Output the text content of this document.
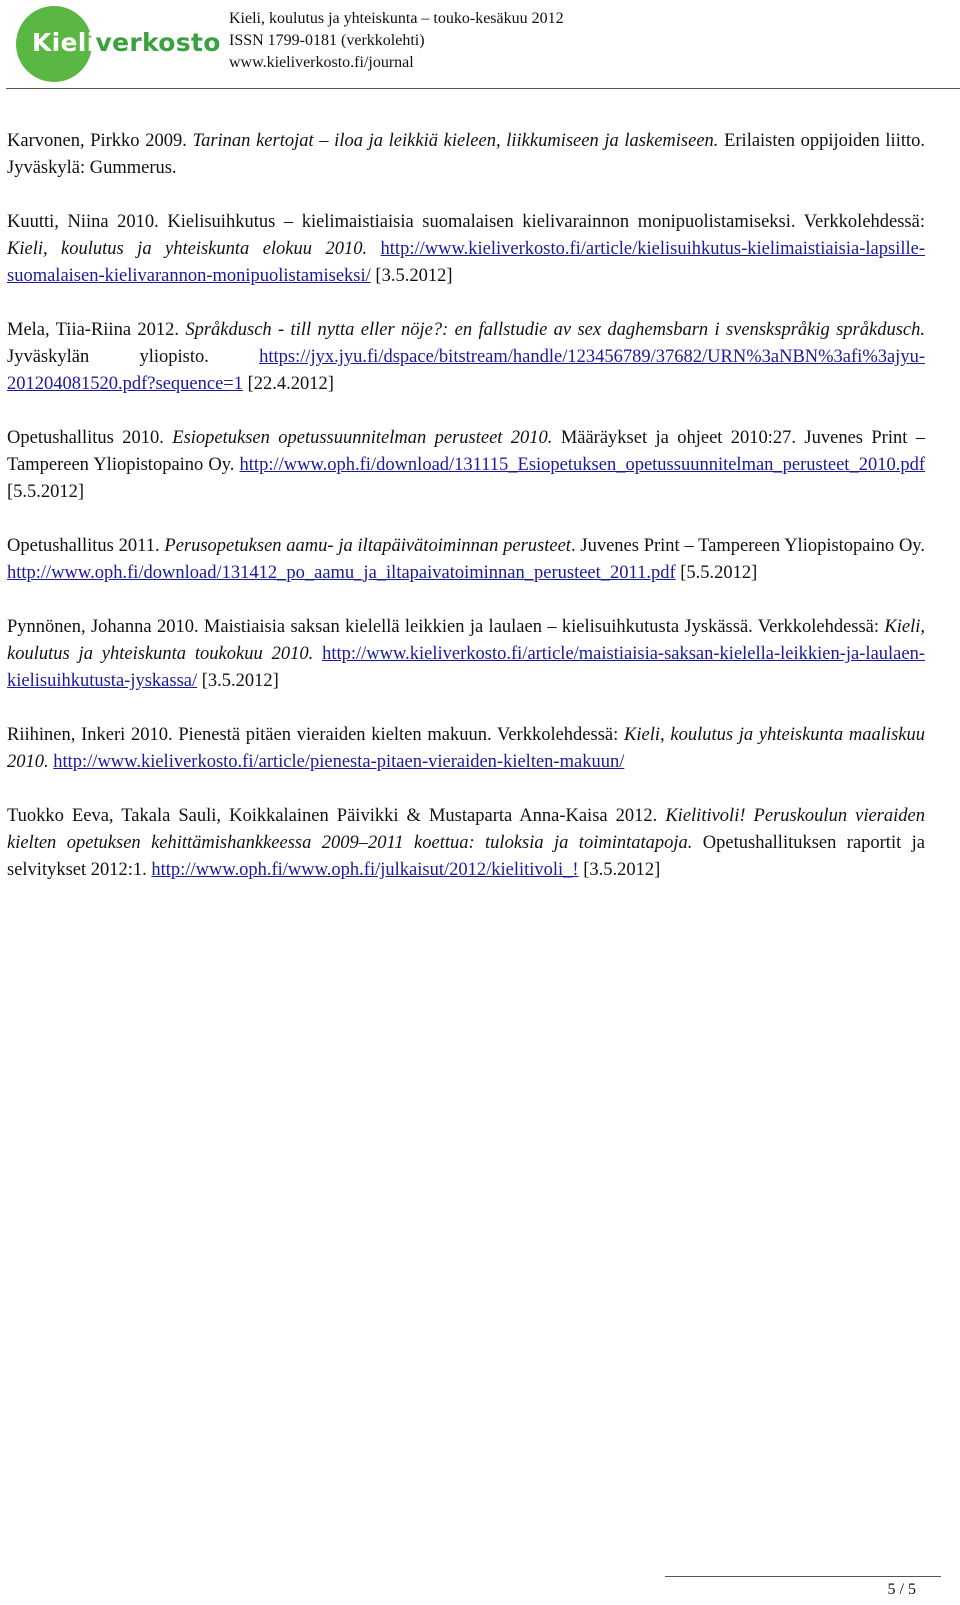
Kieliverkosto
Kieli, koulutus ja yhteiskunta – touko-kesäkuu 2012
ISSN 1799-0181 (verkkolehti)
www.kieliverkosto.fi/journal

Karvonen, Pirkko 2009. Tarinan kertojat – iloa ja leikkiä kieleen, liikkumiseen ja laskemiseen. Erilaisten oppijoiden liitto. Jyväskylä: Gummerus.

Kuutti, Niina 2010. Kielisuihkutus – kielimaistiaisia suomalaisen kielivarainnon monipuolistamiseksi. Verkkolehdessä: Kieli, koulutus ja yhteiskunta elokuu 2010. http://www.kieliverkosto.fi/article/kielisuihkutus-kielimaistiaisia-lapsille-suomalaisen-kielivarannon-monipuolistamiseksi/ [3.5.2012]

Mela, Tiia-Riina 2012. Språkdusch - till nytta eller nöje?: en fallstudie av sex daghemsbarn i svenskspråkig språkdusch. Jyväskylän yliopisto. https://jyx.jyu.fi/dspace/bitstream/handle/123456789/37682/URN%3aNBN%3afi%3ajyu-201204081520.pdf?sequence=1 [22.4.2012]

Opetushallitus 2010. Esiopetuksen opetussuunnitelman perusteet 2010. Määräykset ja ohjeet 2010:27. Juvenes Print – Tampereen Yliopistopaino Oy. http://www.oph.fi/download/131115_Esiopetuksen_opetussuunnitelman_perusteet_2010.pdf [5.5.2012]

Opetushallitus 2011. Perusopetuksen aamu- ja iltapäivätoiminnan perusteet. Juvenes Print – Tampereen Yliopistopaino Oy. http://www.oph.fi/download/131412_po_aamu_ja_iltapaivatoiminnan_perusteet_2011.pdf [5.5.2012]

Pynnönen, Johanna 2010. Maistiaisia saksan kielellä leikkien ja laulaen – kielisuihkutusta Jyskässä. Verkkolehdessä: Kieli, koulutus ja yhteiskunta toukokuu 2010. http://www.kieliverkosto.fi/article/maistiaisia-saksan-kielella-leikkien-ja-laulaen-kielisuihkutusta-jyskassa/ [3.5.2012]

Riihinen, Inkeri 2010. Pienestä pitäen vieraiden kielten makuun. Verkkolehdessä: Kieli, koulutus ja yhteiskunta maaliskuu 2010. http://www.kieliverkosto.fi/article/pienesta-pitaen-vieraiden-kielten-makuun/

Tuokko Eeva, Takala Sauli, Koikkalainen Päivikki & Mustaparta Anna-Kaisa 2012. Kielitivoli! Peruskoulun vieraiden kielten opetuksen kehittämishankkeessa 2009–2011 koettua: tuloksia ja toimintatapoja. Opetushallituksen raportit ja selvitykset 2012:1. http://www.oph.fi/www.oph.fi/julkaisut/2012/kielitivoli_! [3.5.2012]

5 / 5
